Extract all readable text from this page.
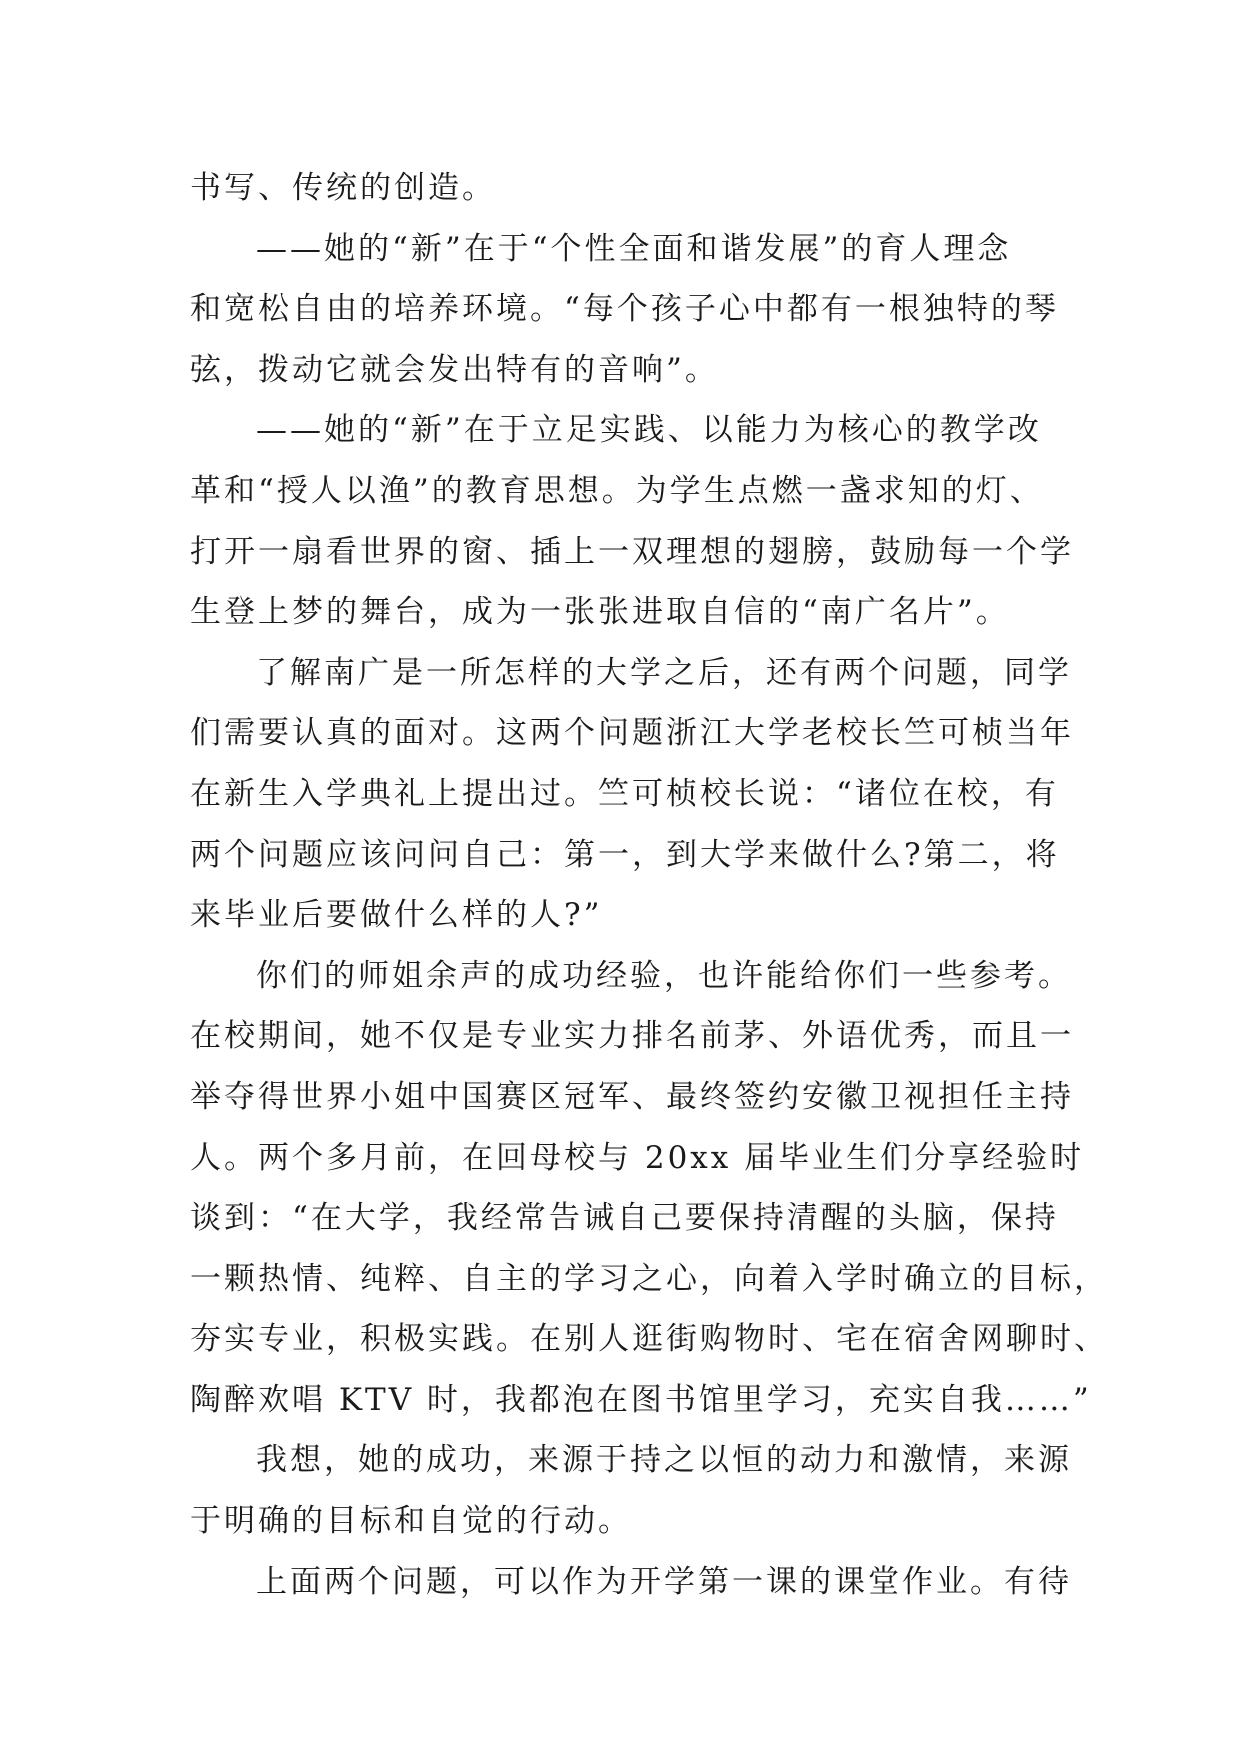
书写、传统的创造。
——她的“新”在于“个性全面和谐发展”的育人理念
和宽松自由的培养环境。“每个孩子心中都有一根独特的琴
弦，拨动它就会发出特有的音响”。
——她的“新”在于立足实践、以能力为核心的教学改
革和“授人以渔”的教育思想。为学生点燃一盏求知的灯、
打开一扇看世界的窗、插上一双理想的翅膀，鼓励每一个学
生登上梦的舞台，成为一张张进取自信的“南广名片”。
了解南广是一所怎样的大学之后，还有两个问题，同学
们需要认真的面对。这两个问题浙江大学老校长竺可桢当年
在新生入学典礼上提出过。竺可桢校长说：“诸位在校，有
两个问题应该问问自己：第一，到大学来做什么?第二，将
来毕业后要做什么样的人?”
你们的师姐余声的成功经验，也许能给你们一些参考。
在校期间，她不仅是专业实力排名前茅、外语优秀，而且一
举夺得世界小姐中国赛区冠军、最终签约安徽卫视担任主持
人。两个多月前，在回母校与 20xx 届毕业生们分享经验时
谈到：“在大学，我经常告诫自己要保持清醒的头脑，保持
一颗热情、纯粹、自主的学习之心，向着入学时确立的目标，
夯实专业，积极实践。在别人逛街购物时、宅在宿舍网聊时、
陶醉欢唱 KTV 时，我都泡在图书馆里学习，充实自我……”
我想，她的成功，来源于持之以恒的动力和激情，来源
于明确的目标和自觉的行动。
上面两个问题，可以作为开学第一课的课堂作业。有待
